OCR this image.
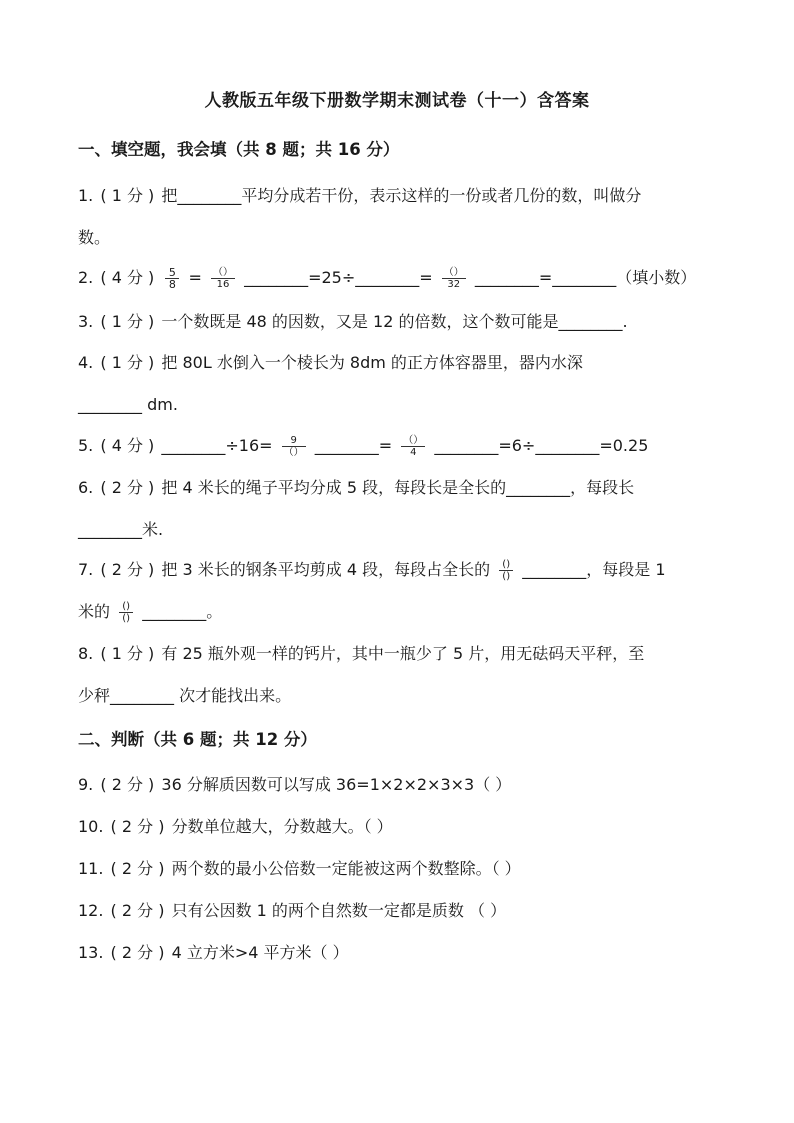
人教版五年级下册数学期末测试卷（十一）含答案
一、填空题，我会填（共 8 题；共 16 分）
1. ( 1 分 ) 把________平均分成若干份，表示这样的一份或者几份的数，叫做分
数。
2. ( 4 分 ) $\frac{5}{8} = \frac{()}{16}$ ________=25÷________= $\frac{()}{32}$ ________=________（填小数）
3. ( 1 分 ) 一个数既是 48 的因数，又是 12 的倍数，这个数可能是________.
4. ( 1 分 ) 把 80L 水倒入一个棱长为 8dm 的正方体容器里，器内水深
________ dm.
5. ( 4 分 ) ________÷16= $\frac{9}{()}$ ________= $\frac{()}{4}$ ________=6÷________=0.25
6. ( 2 分 ) 把 4 米长的绳子平均分成 5 段，每段长是全长的________，每段长
________米.
7. ( 2 分 ) 把 3 米长的钢条平均剪成 4 段，每段占全长的 $\frac{()}{()}$ ________，每段是 1
米的 $\frac{()}{()}$ ________。
8. ( 1 分 ) 有 25 瓶外观一样的钙片，其中一瓶少了 5 片，用无砝码天平秤，至
少秤________ 次才能找出来。
二、判断（共 6 题；共 12 分）
9. ( 2 分 ) 36 分解质因数可以写成 36=1×2×2×3×3（ ）
10. ( 2 分 ) 分数单位越大，分数越大。（ ）
11. ( 2 分 ) 两个数的最小公倍数一定能被这两个数整除。（ ）
12. ( 2 分 ) 只有公因数 1 的两个自然数一定都是质数 （ ）
13. ( 2 分 ) 4 立方米>4 平方米（ ）
